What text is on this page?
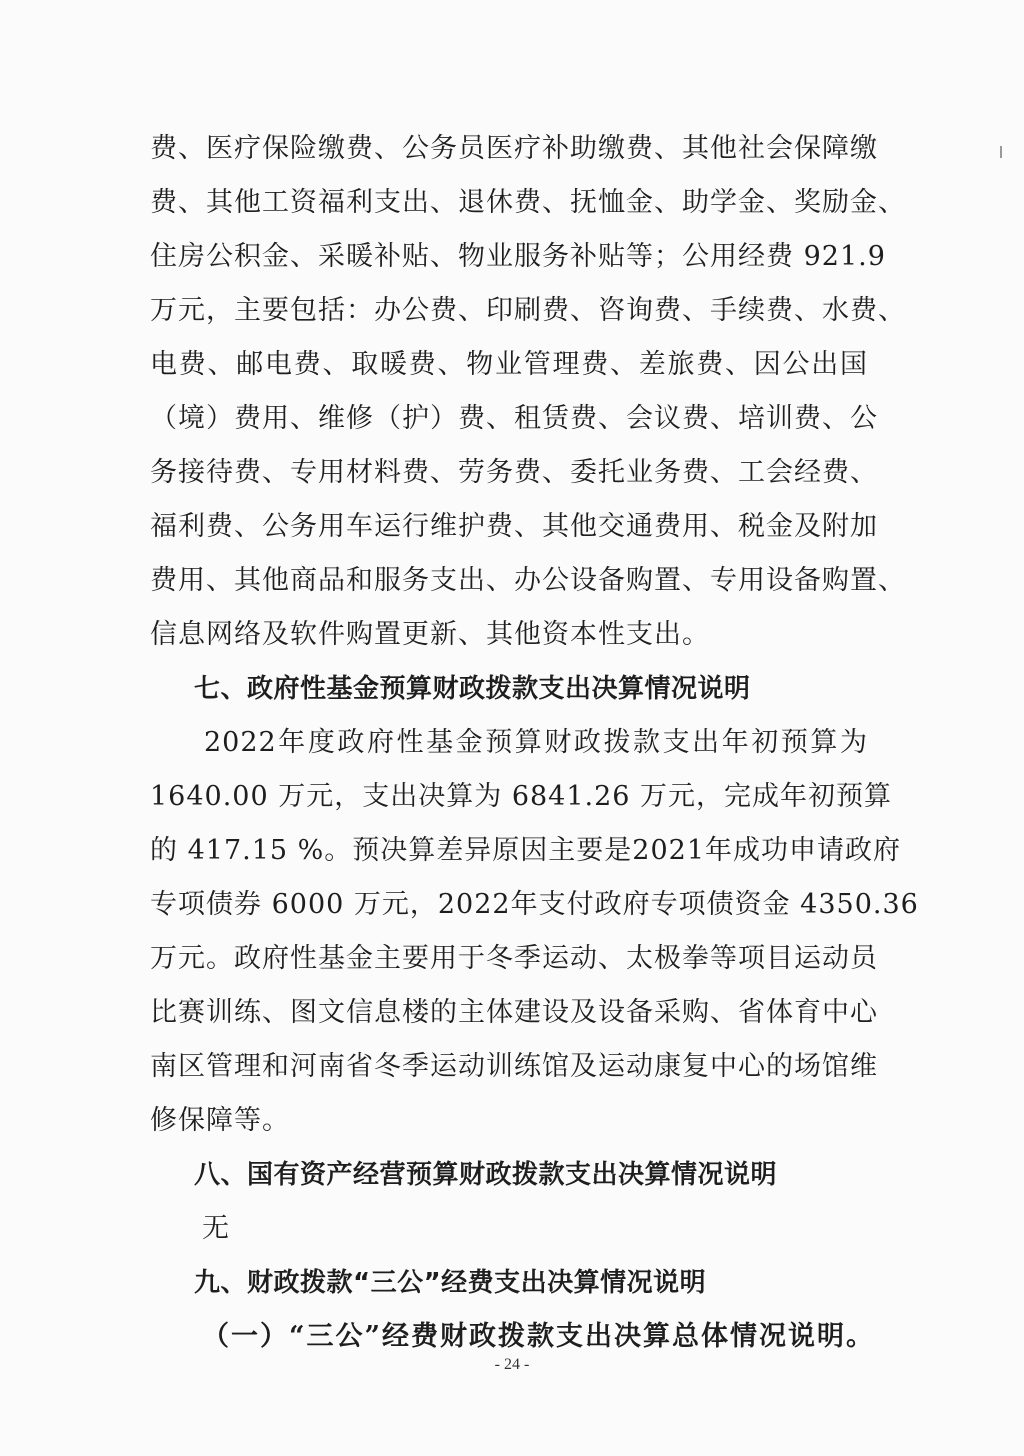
费、医疗保险缴费、公务员医疗补助缴费、其他社会保障缴
费、其他工资福利支出、退休费、抚恤金、助学金、奖励金、
住房公积金、采暖补贴、物业服务补贴等；公用经费 921.9
万元，主要包括：办公费、印刷费、咨询费、手续费、水费、
电费、邮电费、取暖费、物业管理费、差旅费、因公出国
（境）费用、维修（护）费、租赁费、会议费、培训费、公
务接待费、专用材料费、劳务费、委托业务费、工会经费、
福利费、公务用车运行维护费、其他交通费用、税金及附加
费用、其他商品和服务支出、办公设备购置、专用设备购置、
信息网络及软件购置更新、其他资本性支出。
七、政府性基金预算财政拨款支出决算情况说明
2022年度政府性基金预算财政拨款支出年初预算为
1640.00 万元，支出决算为 6841.26 万元，完成年初预算
的 417.15 %。预决算差异原因主要是2021年成功申请政府
专项债券 6000 万元，2022年支付政府专项债资金 4350.36
万元。政府性基金主要用于冬季运动、太极拳等项目运动员
比赛训练、图文信息楼的主体建设及设备采购、省体育中心
南区管理和河南省冬季运动训练馆及运动康复中心的场馆维
修保障等。
八、国有资产经营预算财政拨款支出决算情况说明
无
九、财政拨款“三公”经费支出决算情况说明
（一）“三公”经费财政拨款支出决算总体情况说明。
- 24 -
